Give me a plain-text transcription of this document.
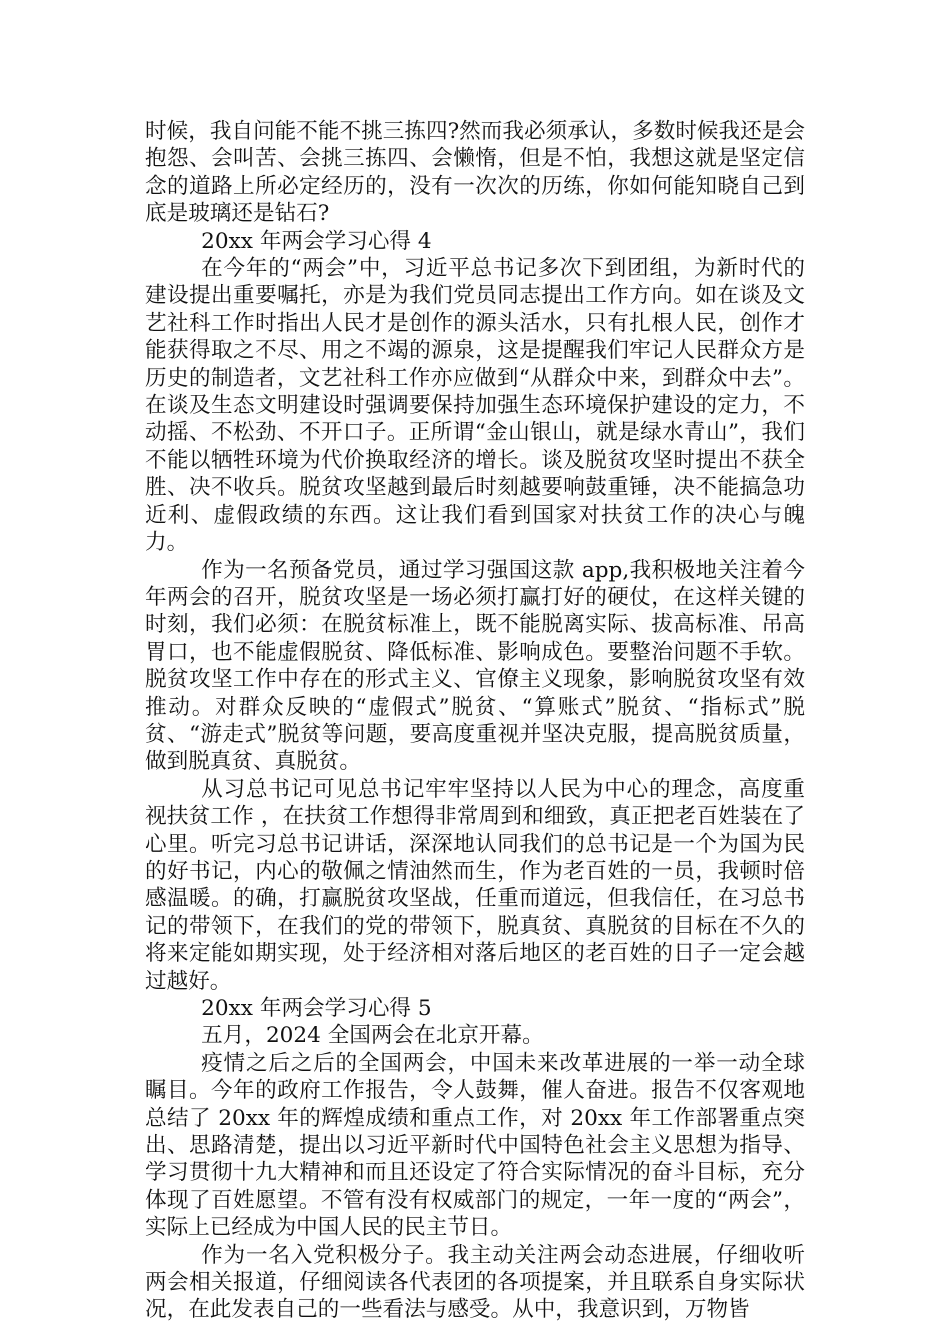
时候，我自问能不能不挑三拣四?然而我必须承认，多数时候我还是会抱怨、会叫苦、会挑三拣四、会懒惰，但是不怕，我想这就是坚定信念的道路上所必定经历的，没有一次次的历练，你如何能知晓自己到底是玻璃还是钻石?

20xx 年两会学习心得 4

在今年的“两会”中，习近平总书记多次下到团组，为新时代的建设提出重要嘱托，亦是为我们党员同志提出工作方向。如在谈及文艺社科工作时指出人民才是创作的源头活水，只有扎根人民，创作才能获得取之不尽、用之不竭的源泉，这是提醒我们牢记人民群众方是历史的制造者，文艺社科工作亦应做到“从群众中来，到群众中去”。在谈及生态文明建设时强调要保持加强生态环境保护建设的定力，不动摇、不松劲、不开口子。正所谓“金山银山，就是绿水青山”，我们不能以牺牲环境为代价换取经济的增长。谈及脱贫攻坚时提出不获全胜、决不收兵。脱贫攻坚越到最后时刻越要响鼓重锤，决不能搞急功近利、虚假政绩的东西。这让我们看到国家对扶贫工作的决心与魄力。

作为一名预备党员，通过学习强国这款 app,我积极地关注着今年两会的召开，脱贫攻坚是一场必须打赢打好的硬仗，在这样关键的时刻，我们必须：在脱贫标准上，既不能脱离实际、拔高标准、吊高胃口，也不能虚假脱贫、降低标准、影响成色。要整治问题不手软。脱贫攻坚工作中存在的形式主义、官僚主义现象，影响脱贫攻坚有效推动。对群众反映的“虚假式”脱贫、“算账式”脱贫、“指标式”脱贫、“游走式”脱贫等问题，要高度重视并坚决克服，提高脱贫质量，做到脱真贫、真脱贫。

从习总书记可见总书记牢牢坚持以人民为中心的理念，高度重视扶贫工作 ，在扶贫工作想得非常周到和细致，真正把老百姓装在了心里。听完习总书记讲话，深深地认同我们的总书记是一个为国为民的好书记，内心的敬佩之情油然而生，作为老百姓的一员，我顿时倍感温暖。的确，打赢脱贫攻坚战，任重而道远，但我信任，在习总书记的带领下，在我们的党的带领下，脱真贫、真脱贫的目标在不久的将来定能如期实现，处于经济相对落后地区的老百姓的日子一定会越过越好。

20xx 年两会学习心得 5

五月，2024 全国两会在北京开幕。

疫情之后之后的全国两会，中国未来改革进展的一举一动全球瞩目。今年的政府工作报告，令人鼓舞，催人奋进。报告不仅客观地总结了 20xx 年的辉煌成绩和重点工作，对 20xx 年工作部署重点突出、思路清楚，提出以习近平新时代中国特色社会主义思想为指导、学习贯彻十九大精神和而且还设定了符合实际情况的奋斗目标，充分体现了百姓愿望。不管有没有权威部门的规定，一年一度的“两会”，实际上已经成为中国人民的民主节日。

作为一名入党积极分子。我主动关注两会动态进展，仔细收听两会相关报道，仔细阅读各代表团的各项提案，并且联系自身实际状况，在此发表自己的一些看法与感受。从中，我意识到，万物皆
